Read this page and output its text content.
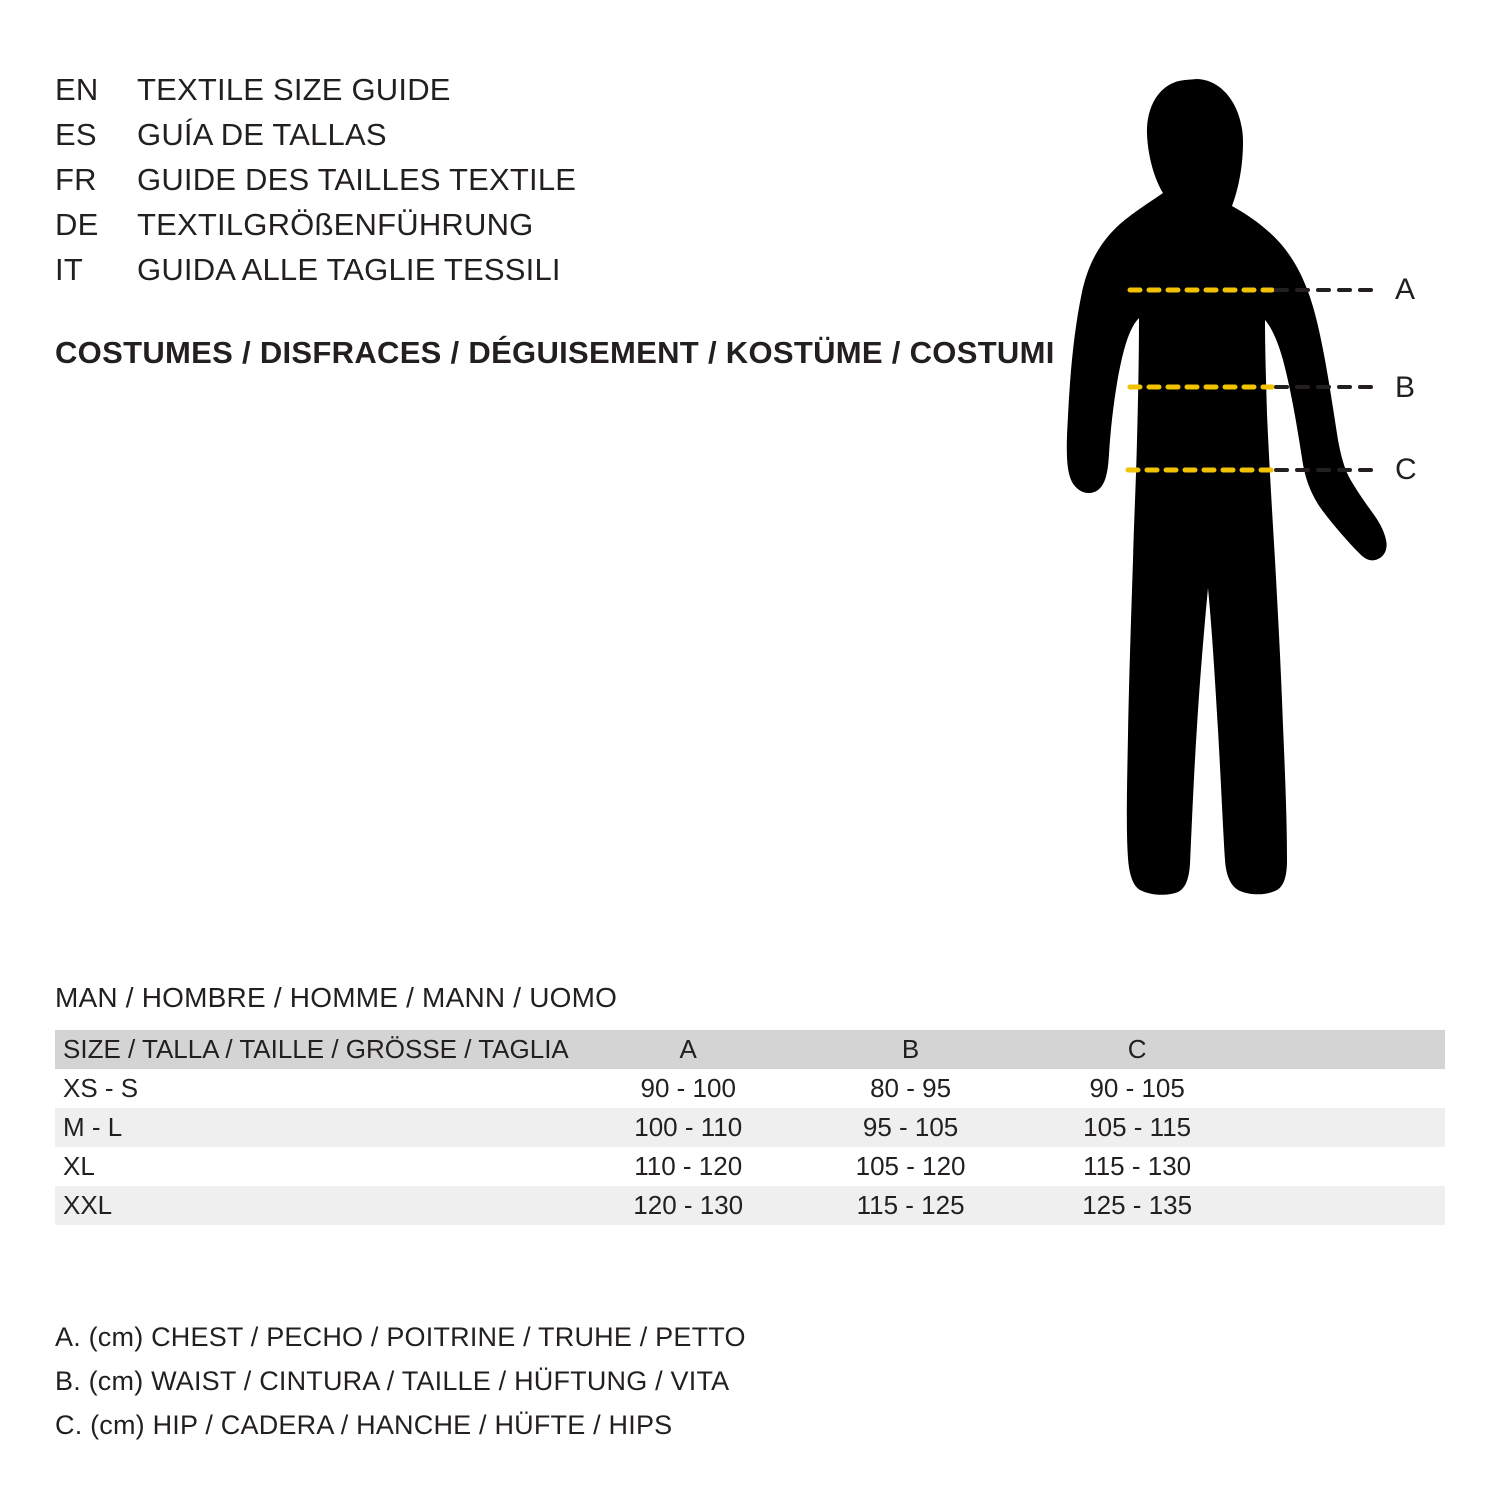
EN	TEXTILE SIZE GUIDE
ES	GUÍA DE TALLAS
FR	GUIDE DES TAILLES TEXTILE
DE	TEXTILGRÖßENFÜHRUNG
IT	GUIDA ALLE TAGLIE TESSILI
COSTUMES / DISFRACES / DÉGUISEMENT / KOSTÜME / COSTUMI
A
B
C
MAN / HOMBRE / HOMME / MANN / UOMO
SIZE / TALLA / TAILLE / GRÖSSE / TAGLIA	A	B	C	
XS - S	90 - 100	80 - 95	90 - 105	
M - L	100 - 110	95 - 105	105 - 115	
XL	110 - 120	105 - 120	115 - 130	
XXL	120 - 130	115 - 125	125 - 135	
A. (cm) CHEST / PECHO / POITRINE / TRUHE / PETTO
B. (cm) WAIST / CINTURA / TAILLE / HÜFTUNG / VITA
C. (cm) HIP / CADERA / HANCHE / HÜFTE / HIPS
